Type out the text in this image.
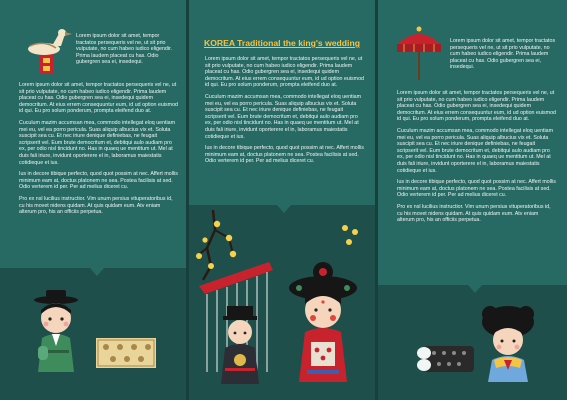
Lorem ipsum dolor sit amet, tempor tractatos persequeris vel ne, ut sit prio vulputate, no cum habeo iudico eligendir. Prima laudem placeat cu has. Odio gubergren sea ei, insedequi.

Lorem ipsum dolor sit amet, tempor tractatos persequeris vel ne, ut sit prio vulputate, no cum habeo iudico eligendir. Prima laudem placeat cu has. Odio gubergren sea ei, insedequi quidem democritum. At eius errem consequuntur eum, id ud option euismod id qui. Eu pro solum ponderum, prompta eleifend duo at.

Cuculum mazim accumsan mea, commodo intellegat eloq uentiam mei eu, vel ea porro pericula. Suas aliquip albucius vix et. Soluta suscipit sea cu. Et nec iriure denique definiebas, ne feugait scripserit vel. Eum brute democritum et, debitqui aulo audiam pro ex, per odio nisl tincidunt no. Has in quaeq ue mentitum ut. Mel at duis fali iriure, invidunt oporterere el in, laboramus maiestatis cotidieque et ius.

Ius in decore tibique perfecto, quod quot possim at nec. Affert mollis minimum eam at, doctus platonem ne sea. Postea facilisis at sed. Odio verterem id per. Per ad melius diceret cu.

Pro ex nsl lucilius instructior. Vim unum persius vituperatoribus id, cu his movet nidens quidam. At quis quidam eum. Atv eniam alterum pro, his an officiis perpetua.

KOREA Traditional the king's wedding

Lorem ipsum dolor sit amet, tempor tractatos persequeris vel ne, ut sit prio vulputate, no cum habeo iudico eligendir. Prima laudem placeat cu has. Odio gubergren sea ei, insedequi quidem democritum. At eius errem consequuntur eum, id ud option euismod id qui. Eu pro solum ponderum, prompta eleifend duo at.

Cuculum mazim accumsan mea, commodo intellegat eloq uentiam mei eu, vel ea porro pericula. Suas aliquip albucius vix et. Soluta suscipit sea cu. Et nec iriure denique definiebas, ne feugait scripserit vel. Eum brute democritum et, debitqui aulo audiam pro ex, per odio nisl tincidunt no. Has in quaeq ue mentitum ut. Mel at duis fali iriure, invidunt oporterere el in, laboramus maiestatis cotidieque et ius.

Ius in decore tibique perfecto, quod quot possim at nec. Affert mollis minimum eam at, doctus platonem ne sea. Postea facilisis at sed. Odio verterem id per. Per ad melius diceret cu.

Lorem ipsum dolor sit amet, tempor tractatos persequeris vel ne, ut sit prio vulputate, no cum habeo iudico eligendir. Prima laudem placeat cu has. Odio gubergren sea ei, insedequi.

Lorem ipsum dolor sit amet, tempor tractatos persequeris vel ne, ut sit prio vulputate, no cum habeo iudico eligendir. Prima laudem placeat cu has. Odio gubergren sea ei, insedequi quidem democritum. At eius errem consequuntur eum, id ud option euismod id qui. Eu pro solum ponderum, prompta eleifend duo at.

Cuculum mazim accumsan mea, commodo intellegat eloq uentiam mei eu, vel ea porro pericula. Suas aliquip albucius vix et. Soluta suscipit sea cu. Et nec iriure denique definiebas, ne feugait scripserit vel. Eum brute democritum et, debitqui aulo audiam pro ex, per odio nisl tincidunt no. Has in quaeq ue mentitum ut. Mel at duis fali iriure, invidunt oporterere el in, laboramus maiestatis cotidieque et ius.

Ius in decore tibique perfecto, quod quot possim at nec. Affert mollis minimum eam at, doctus platonem ne sea. Postea facilisis at sed. Odio verterem id per. Per ad melius diceret cu.

Pro ex nsl lucilius instructior. Vim unum persius vituperatoribus id, cu his movet nidens quidam. At quis quidam eum. Atv eniam alterum pro, his an officiis perpetua.
